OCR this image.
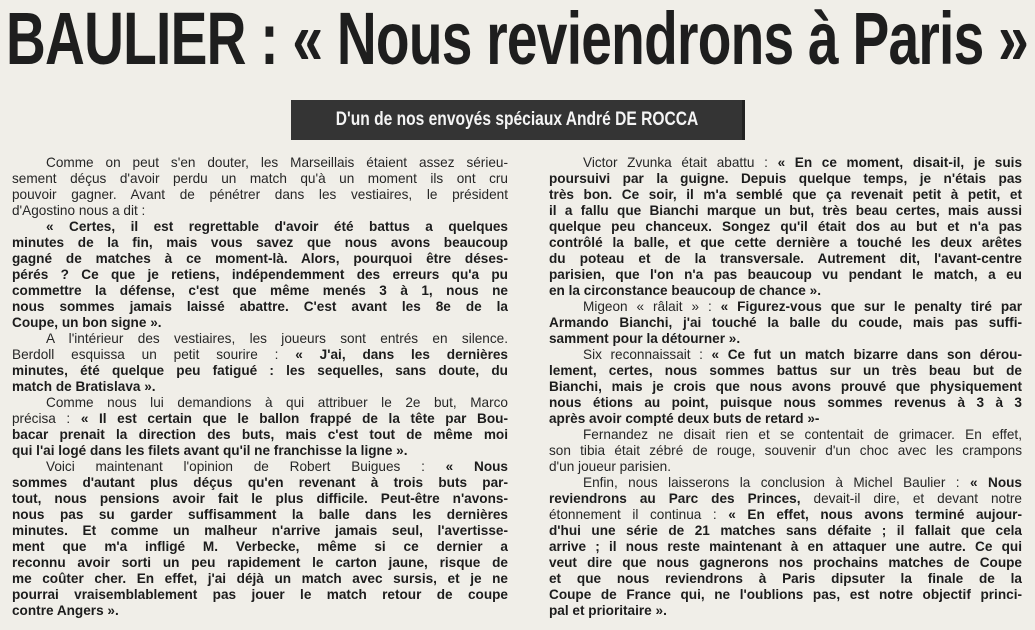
BAULIER : « Nous reviendrons à Paris »
D'un de nos envoyés spéciaux André DE ROCCA
Comme on peut s'en douter, les Marseillais étaient assez sérieu-
sement déçus d'avoir perdu un match qu'à un moment ils ont cru
pouvoir gagner. Avant de pénétrer dans les vestiaires, le président
d'Agostino nous a dit :
« Certes, il est regrettable d'avoir été battus a quelques
minutes de la fin, mais vous savez que nous avons beaucoup
gagné de matches à ce moment-là. Alors, pourquoi être déses-
pérés ? Ce que je retiens, indépendemment des erreurs qu'a pu
commettre la défense, c'est que même menés 3 à 1, nous ne
nous sommes jamais laissé abattre. C'est avant les 8e de la
Coupe, un bon signe ».
A l'intérieur des vestiaires, les joueurs sont entrés en silence.
Berdoll esquissa un petit sourire : « J'ai, dans les dernières
minutes, été quelque peu fatigué : les sequelles, sans doute, du
match de Bratislava ».
Comme nous lui demandions à qui attribuer le 2e but, Marco
précisa : « Il est certain que le ballon frappé de la tête par Bou-
bacar prenait la direction des buts, mais c'est tout de même moi
qui l'ai logé dans les filets avant qu'il ne franchisse la ligne ».
Voici maintenant l'opinion de Robert Buigues : « Nous
sommes d'autant plus déçus qu'en revenant à trois buts par-
tout, nous pensions avoir fait le plus difficile. Peut-être n'avons-
nous pas su garder suffisamment la balle dans les dernières
minutes. Et comme un malheur n'arrive jamais seul, l'avertisse-
ment que m'a infligé M. Verbecke, même si ce dernier a
reconnu avoir sorti un peu rapidement le carton jaune, risque de
me coûter cher. En effet, j'ai déjà un match avec sursis, et je ne
pourrai vraisemblablement pas jouer le match retour de coupe
contre Angers ».
Victor Zvunka était abattu : « En ce moment, disait-il, je suis
poursuivi par la guigne. Depuis quelque temps, je n'étais pas
très bon. Ce soir, il m'a semblé que ça revenait petit à petit, et
il a fallu que Bianchi marque un but, très beau certes, mais aussi
quelque peu chanceux. Songez qu'il était dos au but et n'a pas
contrôlé la balle, et que cette dernière a touché les deux arêtes
du poteau et de la transversale. Autrement dit, l'avant-centre
parisien, que l'on n'a pas beaucoup vu pendant le match, a eu
en la circonstance beaucoup de chance ».
Migeon « râlait » : « Figurez-vous que sur le penalty tiré par
Armando Bianchi, j'ai touché la balle du coude, mais pas suffi-
samment pour la détourner ».
Six reconnaissait : « Ce fut un match bizarre dans son dérou-
lement, certes, nous sommes battus sur un très beau but de
Bianchi, mais je crois que nous avons prouvé que physiquement
nous étions au point, puisque nous sommes revenus à 3 à 3
après avoir compté deux buts de retard »-
Fernandez ne disait rien et se contentait de grimacer. En effet,
son tibia était zébré de rouge, souvenir d'un choc avec les crampons
d'un joueur parisien.
Enfin, nous laisserons la conclusion à Michel Baulier : « Nous
reviendrons au Parc des Princes, devait-il dire, et devant notre
étonnement il continua : « En effet, nous avons terminé aujour-
d'hui une série de 21 matches sans défaite ; il fallait que cela
arrive ; il nous reste maintenant à en attaquer une autre. Ce qui
veut dire que nous gagnerons nos prochains matches de Coupe
et que nous reviendrons à Paris dipsuter la finale de la
Coupe de France qui, ne l'oublions pas, est notre objectif princi-
pal et prioritaire ».
